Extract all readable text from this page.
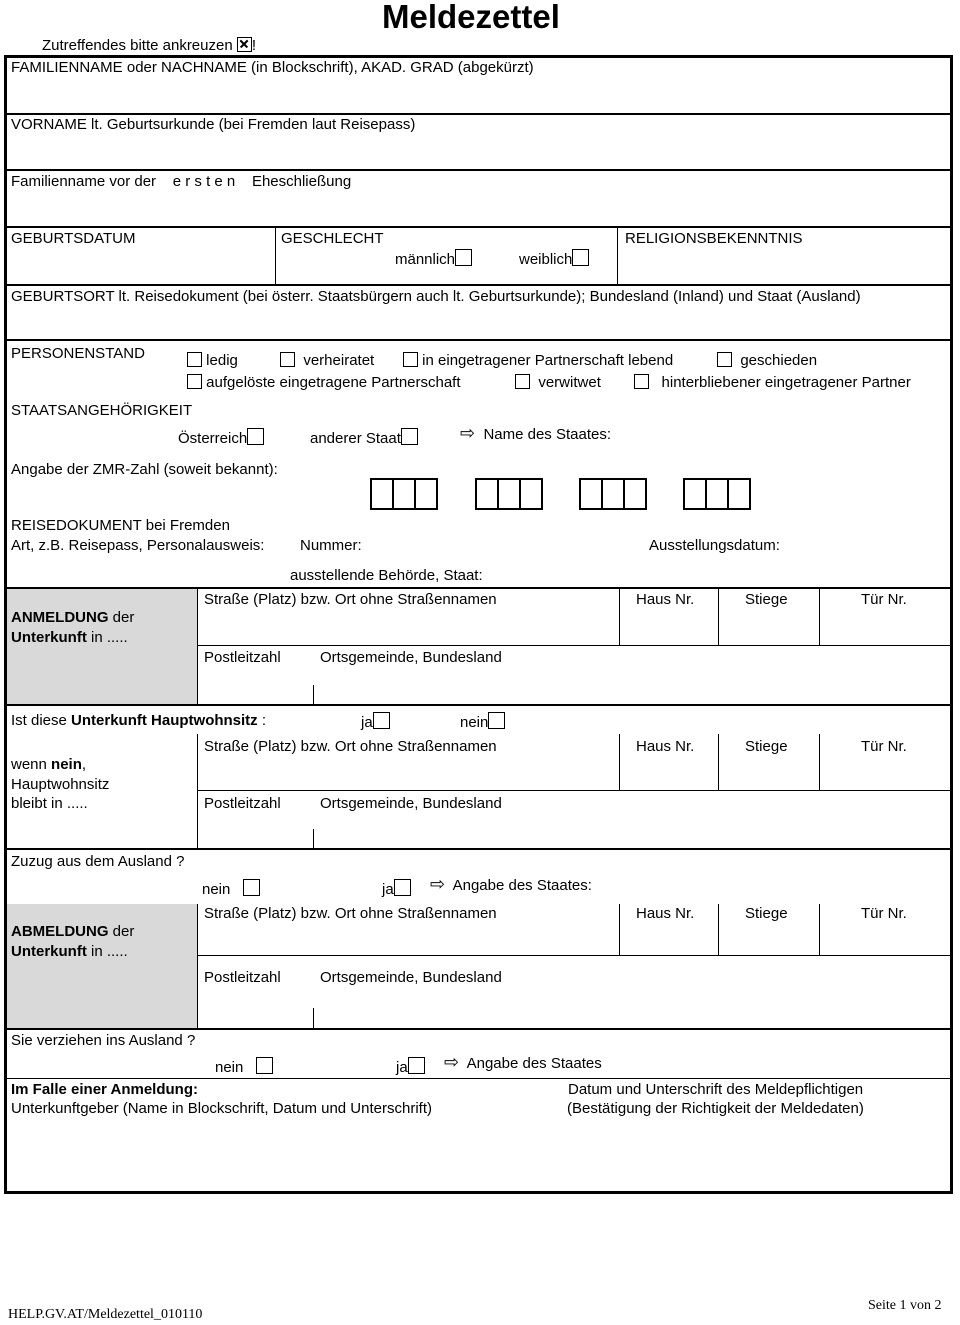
Meldezettel
Zutreffendes bitte ankreuzen !
FAMILIENNAME oder NACHNAME (in Blockschrift), AKAD. GRAD (abgekürzt)
VORNAME lt. Geburtsurkunde (bei Fremden laut Reisepass)
Familienname vor der e r s t e n Eheschließung
GEBURTSDATUM	GESCHLECHT
männlich	weiblich
RELIGIONSBEKENNTNIS
GEBURTSORT lt. Reisedokument (bei österr. Staatsbürgern auch lt. Geburtsurkunde); Bundesland (Inland) und Staat (Ausland)
PERSONENSTAND	ledig	verheiratet	in eingetragener Partnerschaft lebend	geschieden
aufgelöste eingetragene Partnerschaft	verwitwet	hinterbliebener eingetragener Partner
STAATSANGEHÖRIGKEIT
Österreich	anderer Staat	⇨ Name des Staates:
Angabe der ZMR-Zahl (soweit bekannt):
REISEDOKUMENT bei Fremden
Art, z.B. Reisepass, Personalausweis: Nummer:	Ausstellungsdatum:
ausstellende Behörde, Staat:
ANMELDUNG der
Unterkunft in .....
Straße (Platz) bzw. Ort ohne Straßennamen	Haus Nr.	Stiege	Tür Nr.
Postleitzahl	Ortsgemeinde, Bundesland
Ist diese Unterkunft Hauptwohnsitz :	ja	nein
wenn nein,
Hauptwohnsitz
bleibt in .....
Straße (Platz) bzw. Ort ohne Straßennamen	Haus Nr.	Stiege	Tür Nr.
Postleitzahl	Ortsgemeinde, Bundesland
Zuzug aus dem Ausland ?
nein	ja	⇨ Angabe des Staates:
ABMELDUNG der
Unterkunft in .....
Straße (Platz) bzw. Ort ohne Straßennamen	Haus Nr.	Stiege	Tür Nr.
Postleitzahl	Ortsgemeinde, Bundesland
Sie verziehen ins Ausland ?
nein	ja	⇨ Angabe des Staates
Im Falle einer Anmeldung:
Unterkunftgeber (Name in Blockschrift, Datum und Unterschrift)
Datum und Unterschrift des Meldepflichtigen
(Bestätigung der Richtigkeit der Meldedaten)
HELP.GV.AT/Meldezettel_010110
Seite 1 von 2
